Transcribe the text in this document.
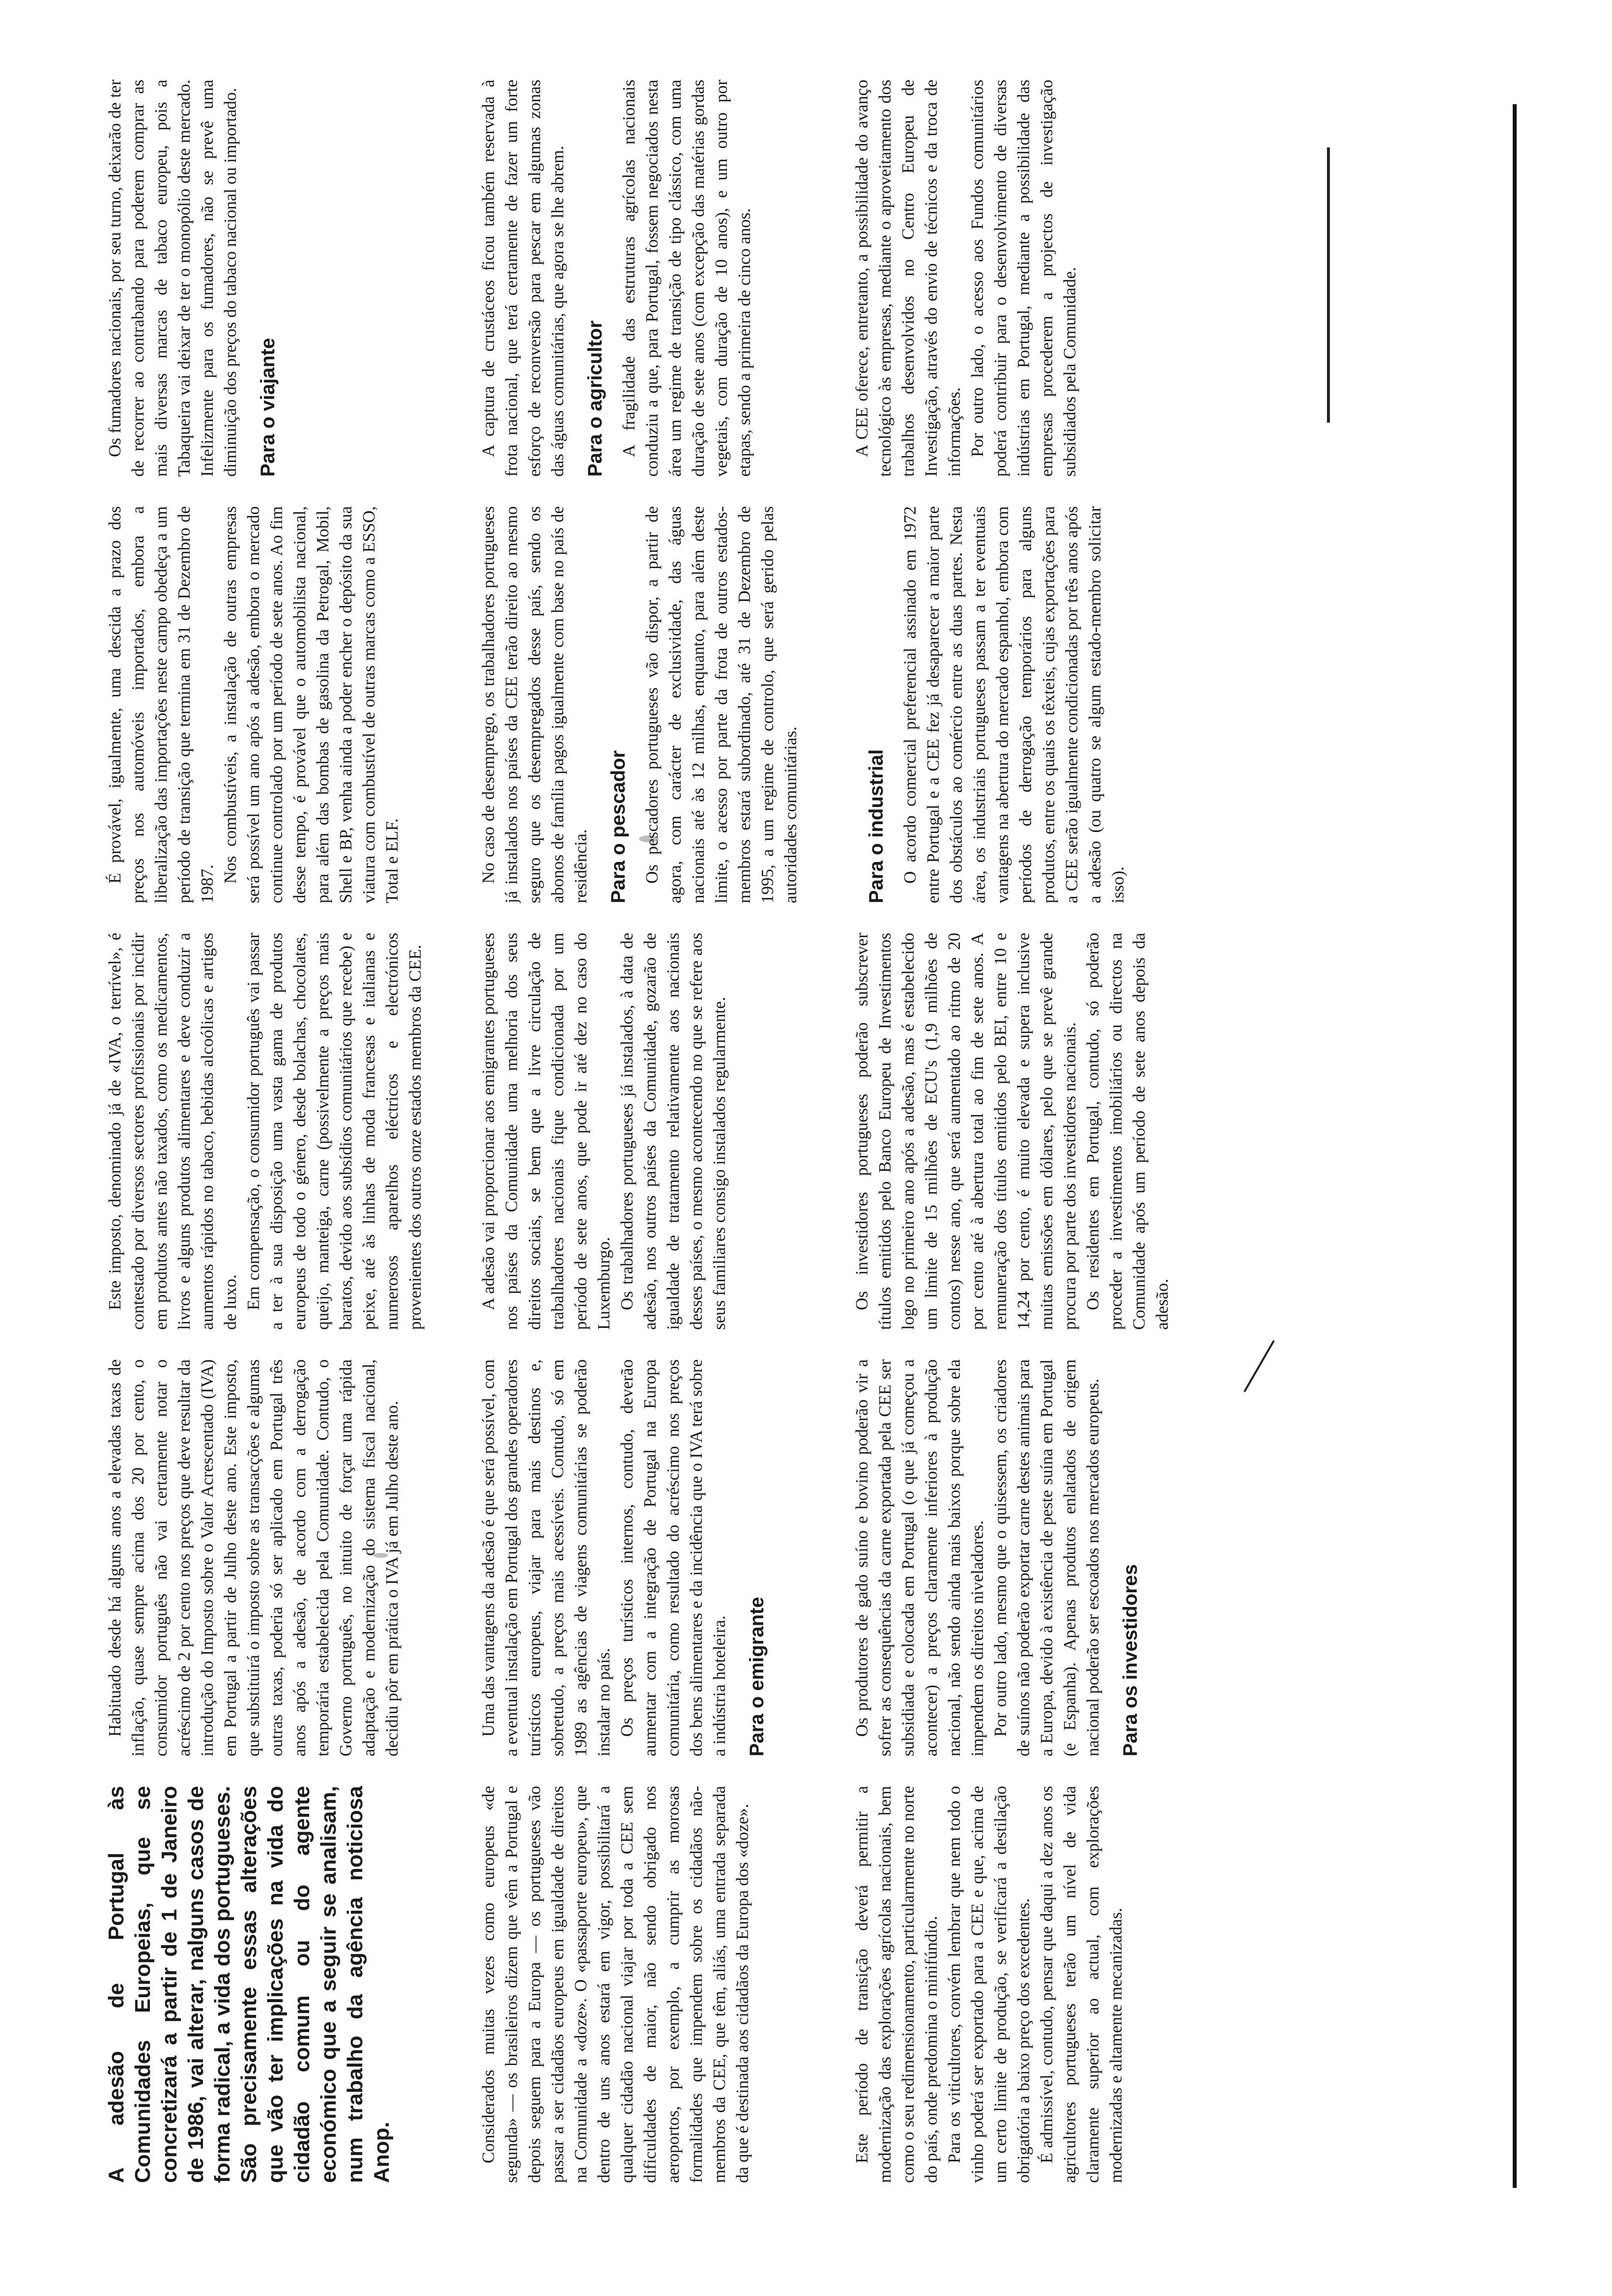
A adesão de Portugal às Comunidades Europeias, que se concretizará a partir de 1 de Janeiro de 1986, vai alterar, nalguns casos de forma radical, a vida dos portugueses. São precisamente essas alterações que vão ter implicações na vida do cidadão comum ou do agente económico que a seguir se analisam, num trabalho da agência noticiosa Anop.

Habituado desde há alguns anos a elevadas taxas de inflação, quase sempre acima dos 20 por cento, o consumidor português não vai certamente notar o acréscimo de 2 por cento nos preços que deve resultar da introdução do Imposto sobre o Valor Acrescentado (IVA) em Portugal a partir de Julho deste ano. Este imposto, que substituirá o imposto sobre as transacções e algumas outras taxas, poderia só ser aplicado em Portugal três anos após a adesão, de acordo com a derrogação temporária estabelecida pela Comunidade. Contudo, o Governo português, no intuito de forçar uma rápida adaptação e modernização do sistema fiscal nacional, decidiu pôr em prática o IVA já em Julho deste ano.

Este imposto, denominado já de «IVA, o terrível», é contestado por diversos sectores profissionais por incidir em produtos antes não taxados, como os medicamentos, livros e alguns produtos alimentares e deve conduzir a aumentos rápidos no tabaco, bebidas alcoólicas e artigos de luxo. Em compensação, o consumidor português vai passar a ter à sua disposição uma vasta gama de produtos europeus de todo o género, desde bolachas, chocolates, queijo, manteiga, carne (possivelmente a preços mais baratos, devido aos subsídios comunitários que recebe) e peixe, até às linhas de moda francesas e italianas e numerosos aparelhos eléctricos e electrónicos provenientes dos outros onze estados membros da CEE.

É provável, igualmente, uma descida a prazo dos preços nos automóveis importados, embora a liberalização das importações neste campo obedeça a um período de transição que termina em 31 de Dezembro de 1987.

Nos combustíveis, a instalação de outras empresas será possível um ano após a adesão, embora o mercado continue controlado por um período de sete anos. Ao fim desse tempo, é provável que o automobilista nacional, para além das bombas de gasolina da Petrogal, Mobil, Shell e BP, venha ainda a poder encher o depósito da sua viatura com combustível de outras marcas como a ESSO, Total e ELF.

Os fumadores nacionais, por seu turno, deixarão de ter de recorrer ao contrabando para poderem comprar as mais diversas marcas de tabaco europeu, pois a Tabaqueira vai deixar de ter o monopólio deste mercado. Infelizmente para os fumadores, não se prevê uma diminuição dos preços do tabaco nacional ou importado. Para o viajante

Considerados muitas vezes como europeus «de segunda» — os brasileiros dizem que vêm a Portugal e depois seguem para a Europa — os portugueses vão passar a ser cidadãos europeus em igualdade de direitos na Comunidade a «doze». O «passaporte europeu», que dentro de uns anos estará em vigor, possibilitará a qualquer cidadão nacional viajar por toda a CEE sem dificuldades de maior, não sendo obrigado nos aeroportos, por exemplo, a cumprir as morosas formalidades que impendem sobre os cidadãos não-membros da CEE, que têm, aliás, uma entrada separada da que é destinada aos cidadãos da Europa dos «doze».

Uma das vantagens da adesão é que será possível, com a eventual instalação em Portugal dos grandes operadores turísticos europeus, viajar para mais destinos e, sobretudo, a preços mais acessíveis. Contudo, só em 1989 as agências de viagens comunitárias se poderão instalar no país. Os preços turísticos internos, contudo, deverão aumentar com a integração de Portugal na Europa comunitária, como resultado do acréscimo nos preços dos bens alimentares e da incidência que o IVA terá sobre a indústria hoteleira. Para o emigrante

A adesão vai proporcionar aos emigrantes portugueses nos países da Comunidade uma melhoria dos seus direitos sociais, se bem que a livre circulação de trabalhadores nacionais fique condicionada por um período de sete anos, que pode ir até dez no caso do Luxemburgo. Os trabalhadores portugueses já instalados, à data de adesão, nos outros países da Comunidade, gozarão de igualdade de tratamento relativamente aos nacionais desses países, o mesmo acontecendo no que se refere aos seus familiares consigo instalados regularmente.

No caso de desemprego, os trabalhadores portugueses já instalados nos países da CEE terão direito ao mesmo seguro que os desempregados desse país, sendo os abonos de família pagos igualmente com base no país de residência. Para o pescador Os pescadores portugueses vão dispor, a partir de agora, com carácter de exclusividade, das águas nacionais até às 12 milhas, enquanto, para além deste limite, o acesso por parte da frota de outros estados-membros estará subordinado, até 31 de Dezembro de 1995, a um regime de controlo, que será gerido pelas autoridades comunitárias.

A captura de crustáceos ficou também reservada à frota nacional, que terá certamente de fazer um forte esforço de reconversão para pescar em algumas zonas das águas comunitárias, que agora se lhe abrem. Para o agricultor A fragilidade das estruturas agrícolas nacionais conduziu a que, para Portugal, fossem negociados nesta área um regime de transição de tipo clássico, com uma duração de sete anos (com excepção das matérias gordas vegetais, com duração de 10 anos), e um outro por etapas, sendo a primeira de cinco anos.

Este período de transição deverá permitir a modernização das explorações agrícolas nacionais, bem como o seu redimensionamento, particularmente no norte do país, onde predomina o minifúndio. Para os viticultores, convém lembrar que nem todo o vinho poderá ser exportado para a CEE e que, acima de um certo limite de produção, se verificará a destilação obrigatória a baixo preço dos excedentes. É admissível, contudo, pensar que daqui a dez anos os agricultores portugueses terão um nível de vida claramente superior ao actual, com explorações modernizadas e altamente mecanizadas.

Os produtores de gado suíno e bovino poderão vir a sofrer as consequências da carne exportada pela CEE ser subsidiada e colocada em Portugal (o que já começou a acontecer) a preços claramente inferiores à produção nacional, não sendo ainda mais baixos porque sobre ela impendem os direitos niveladores. Por outro lado, mesmo que o quisessem, os criadores de suínos não poderão exportar carne destes animais para a Europa, devido à existência de peste suína em Portugal (e Espanha). Apenas produtos enlatados de origem nacional poderão ser escoados nos mercados europeus. Para os investidores

Os investidores portugueses poderão subscrever títulos emitidos pelo Banco Europeu de Investimentos logo no primeiro ano após a adesão, mas é estabelecido um limite de 15 milhões de ECU's (1,9 milhões de contos) nesse ano, que será aumentado ao ritmo de 20 por cento até à abertura total ao fim de sete anos. A remuneração dos títulos emitidos pelo BEI, entre 10 e 14,24 por cento, é muito elevada e supera inclusive muitas emissões em dólares, pelo que se prevê grande procura por parte dos investidores nacionais. Os residentes em Portugal, contudo, só poderão proceder a investimentos imobiliários ou directos na Comunidade após um período de sete anos depois da adesão.

Para o industrial O acordo comercial preferencial assinado em 1972 entre Portugal e a CEE fez já desaparecer a maior parte dos obstáculos ao comércio entre as duas partes. Nesta área, os industriais portugueses passam a ter eventuais vantagens na abertura do mercado espanhol, embora com períodos de derrogação temporários para alguns produtos, entre os quais os têxteis, cujas exportações para a CEE serão igualmente condicionadas por três anos após a adesão (ou quatro se algum estado-membro solicitar isso).

A CEE oferece, entretanto, a possibilidade do avanço tecnológico às empresas, mediante o aproveitamento dos trabalhos desenvolvidos no Centro Europeu de Investigação, através do envio de técnicos e da troca de informações. Por outro lado, o acesso aos Fundos comunitários poderá contribuir para o desenvolvimento de diversas indústrias em Portugal, mediante a possibilidade das empresas procederem a projectos de investigação subsidiados pela Comunidade.
